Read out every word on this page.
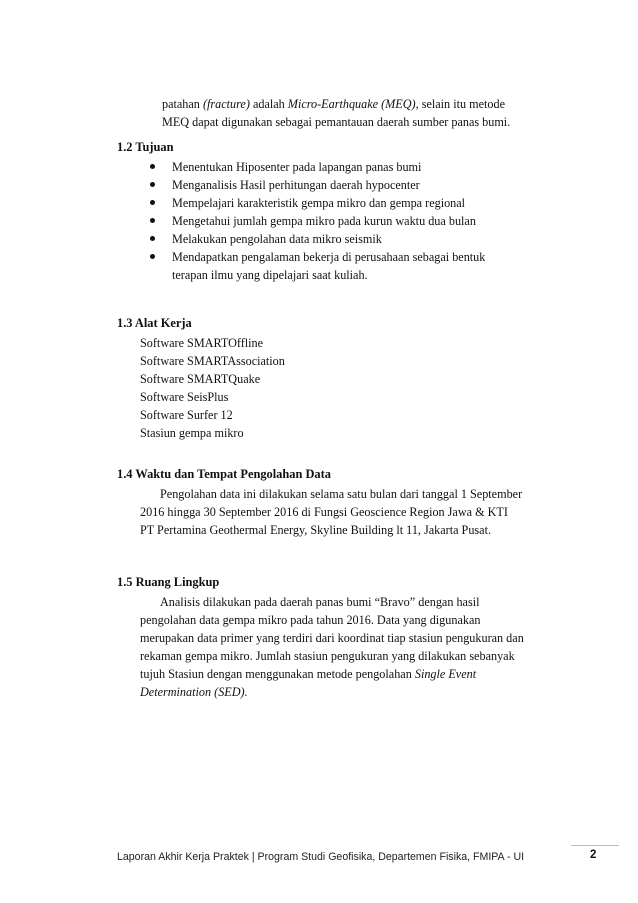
patahan (fracture) adalah Micro-Earthquake (MEQ), selain itu metode
MEQ dapat digunakan sebagai pemantauan daerah sumber panas bumi.
1.2 Tujuan
Menentukan Hiposenter pada lapangan panas bumi
Menganalisis Hasil perhitungan daerah hypocenter
Mempelajari karakteristik gempa mikro dan gempa regional
Mengetahui jumlah gempa mikro pada kurun waktu dua bulan
Melakukan pengolahan data mikro seismik
Mendapatkan pengalaman bekerja di perusahaan sebagai bentuk
terapan ilmu yang dipelajari saat kuliah.
1.3 Alat Kerja
Software SMARTOffline
Software SMARTAssociation
Software SMARTQuake
Software SeisPlus
Software Surfer 12
Stasiun gempa mikro
1.4 Waktu dan Tempat Pengolahan Data
Pengolahan data ini dilakukan selama satu bulan dari tanggal 1 September
2016 hingga 30 September 2016 di Fungsi Geoscience Region Jawa & KTI
PT Pertamina Geothermal Energy, Skyline Building lt 11, Jakarta Pusat.
1.5 Ruang Lingkup
Analisis dilakukan pada daerah panas bumi “Bravo” dengan hasil
pengolahan data gempa mikro pada tahun 2016. Data yang digunakan
merupakan data primer yang terdiri dari koordinat tiap stasiun pengukuran dan
rekaman gempa mikro. Jumlah stasiun pengukuran yang dilakukan sebanyak
tujuh Stasiun dengan menggunakan metode pengolahan Single Event
Determination (SED).
Laporan Akhir Kerja Praktek | Program Studi Geofisika, Departemen Fisika, FMIPA - UI	2
